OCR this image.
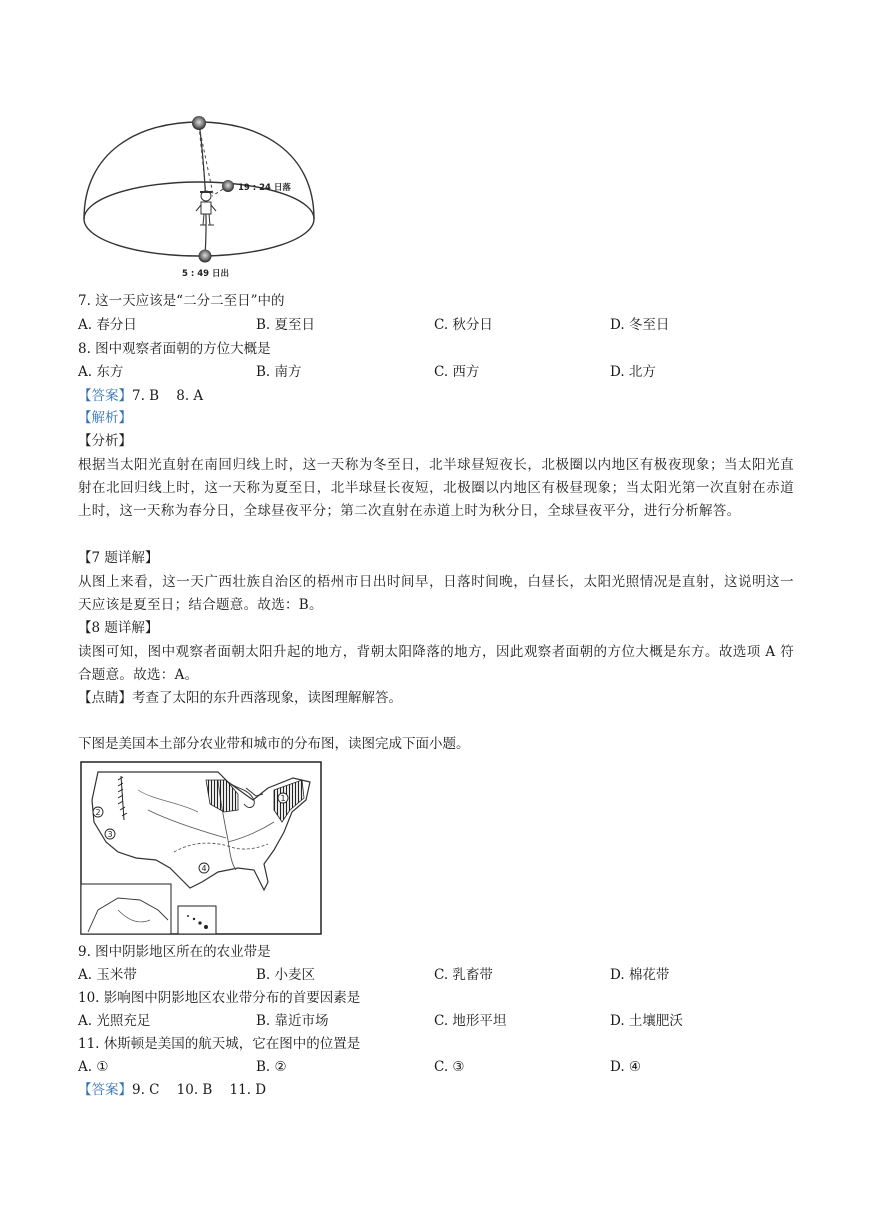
19 : 24 日落
5 : 49 日出
7. 这一天应该是“二分二至日”中的
A. 春分日	B. 夏至日	C. 秋分日	D. 冬至日
8. 图中观察者面朝的方位大概是
A. 东方	B. 南方	C. 西方	D. 北方
【答案】7. B    8. A
【解析】
【分析】
根据当太阳光直射在南回归线上时，这一天称为冬至日，北半球昼短夜长，北极圈以内地区有极夜现象；当太阳光直射在北回归线上时，这一天称为夏至日，北半球昼长夜短，北极圈以内地区有极昼现象；当太阳光第一次直射在赤道上时，这一天称为春分日，全球昼夜平分；第二次直射在赤道上时为秋分日，全球昼夜平分，进行分析解答。
【7 题详解】
从图上来看，这一天广西壮族自治区的梧州市日出时间早，日落时间晚，白昼长，太阳光照情况是直射，这说明这一天应该是夏至日；结合题意。故选：B。
【8 题详解】
读图可知，图中观察者面朝太阳升起的地方，背朝太阳降落的地方，因此观察者面朝的方位大概是东方。故选项 A 符合题意。故选：A。
【点睛】考查了太阳的东升西落现象，读图理解解答。
下图是美国本土部分农业带和城市的分布图，读图完成下面小题。
1
2
3
4
9. 图中阴影地区所在的农业带是
A. 玉米带	B. 小麦区	C. 乳畜带	D. 棉花带
10. 影响图中阴影地区农业带分布的首要因素是
A. 光照充足	B. 靠近市场	C. 地形平坦	D. 土壤肥沃
11. 休斯顿是美国的航天城，它在图中的位置是
A. ①	B. ②	C. ③	D. ④
【答案】9. C    10. B    11. D
